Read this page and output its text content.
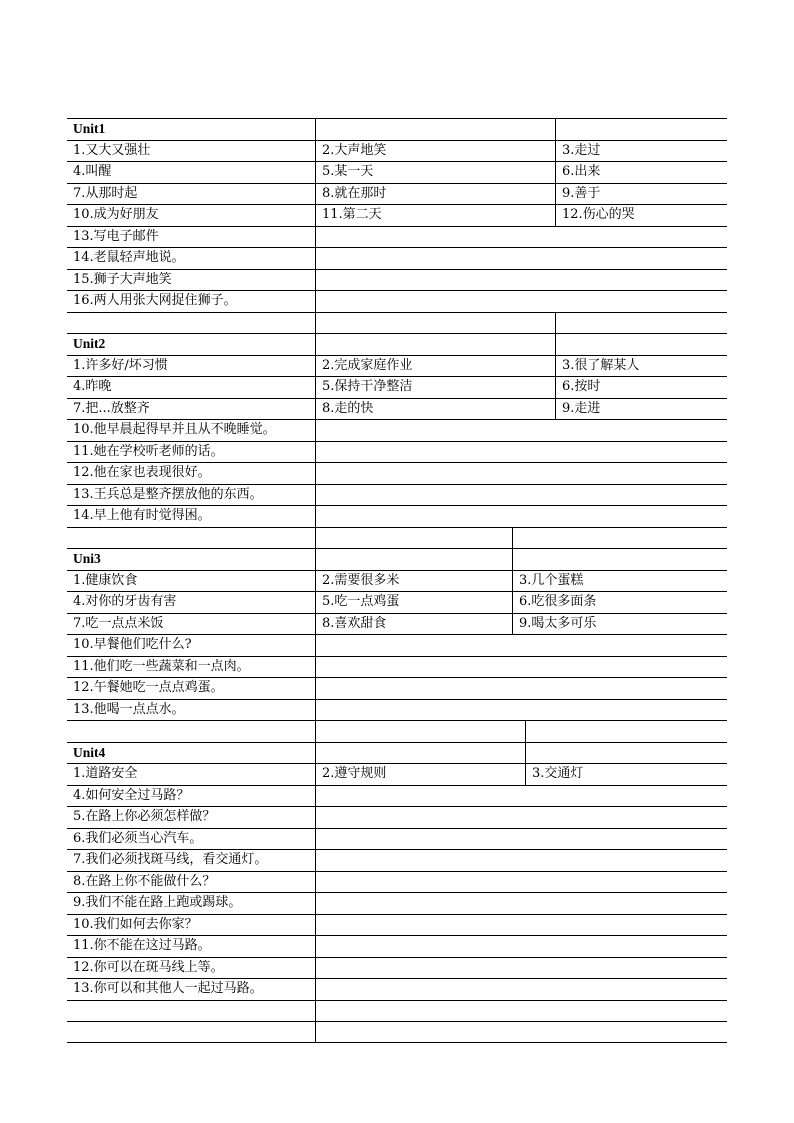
Unit1
1.又大又强壮	2.大声地笑	3.走过
4.叫醒	5.某一天	6.出来
7.从那时起	8.就在那时	9.善于
10.成为好朋友	11.第二天	12.伤心的哭
13.写电子邮件
14.老鼠轻声地说。
15.狮子大声地笑
16.两人用张大网捉住狮子。
Unit2
1.许多好/坏习惯	2.完成家庭作业	3.很了解某人
4.昨晚	5.保持干净整洁	6.按时
7.把...放整齐	8.走的快	9.走进
10.他早晨起得早并且从不晚睡觉。
11.她在学校听老师的话。
12.他在家也表现很好。
13.王兵总是整齐摆放他的东西。
14.早上他有时觉得困。
Uni3
1.健康饮食	2.需要很多米	3.几个蛋糕
4.对你的牙齿有害	5.吃一点鸡蛋	6.吃很多面条
7.吃一点点米饭	8.喜欢甜食	9.喝太多可乐
10.早餐他们吃什么?
11.他们吃一些蔬菜和一点肉。
12.午餐她吃一点点鸡蛋。
13.他喝一点点水。
Unit4
1.道路安全	2.遵守规则	3.交通灯
4.如何安全过马路？
5.在路上你必须怎样做？
6.我们必须当心汽车。
7.我们必须找斑马线，看交通灯。
8.在路上你不能做什么？
9.我们不能在路上跑或踢球。
10.我们如何去你家？
11.你不能在这过马路。
12.你可以在斑马线上等。
13.你可以和其他人一起过马路。
